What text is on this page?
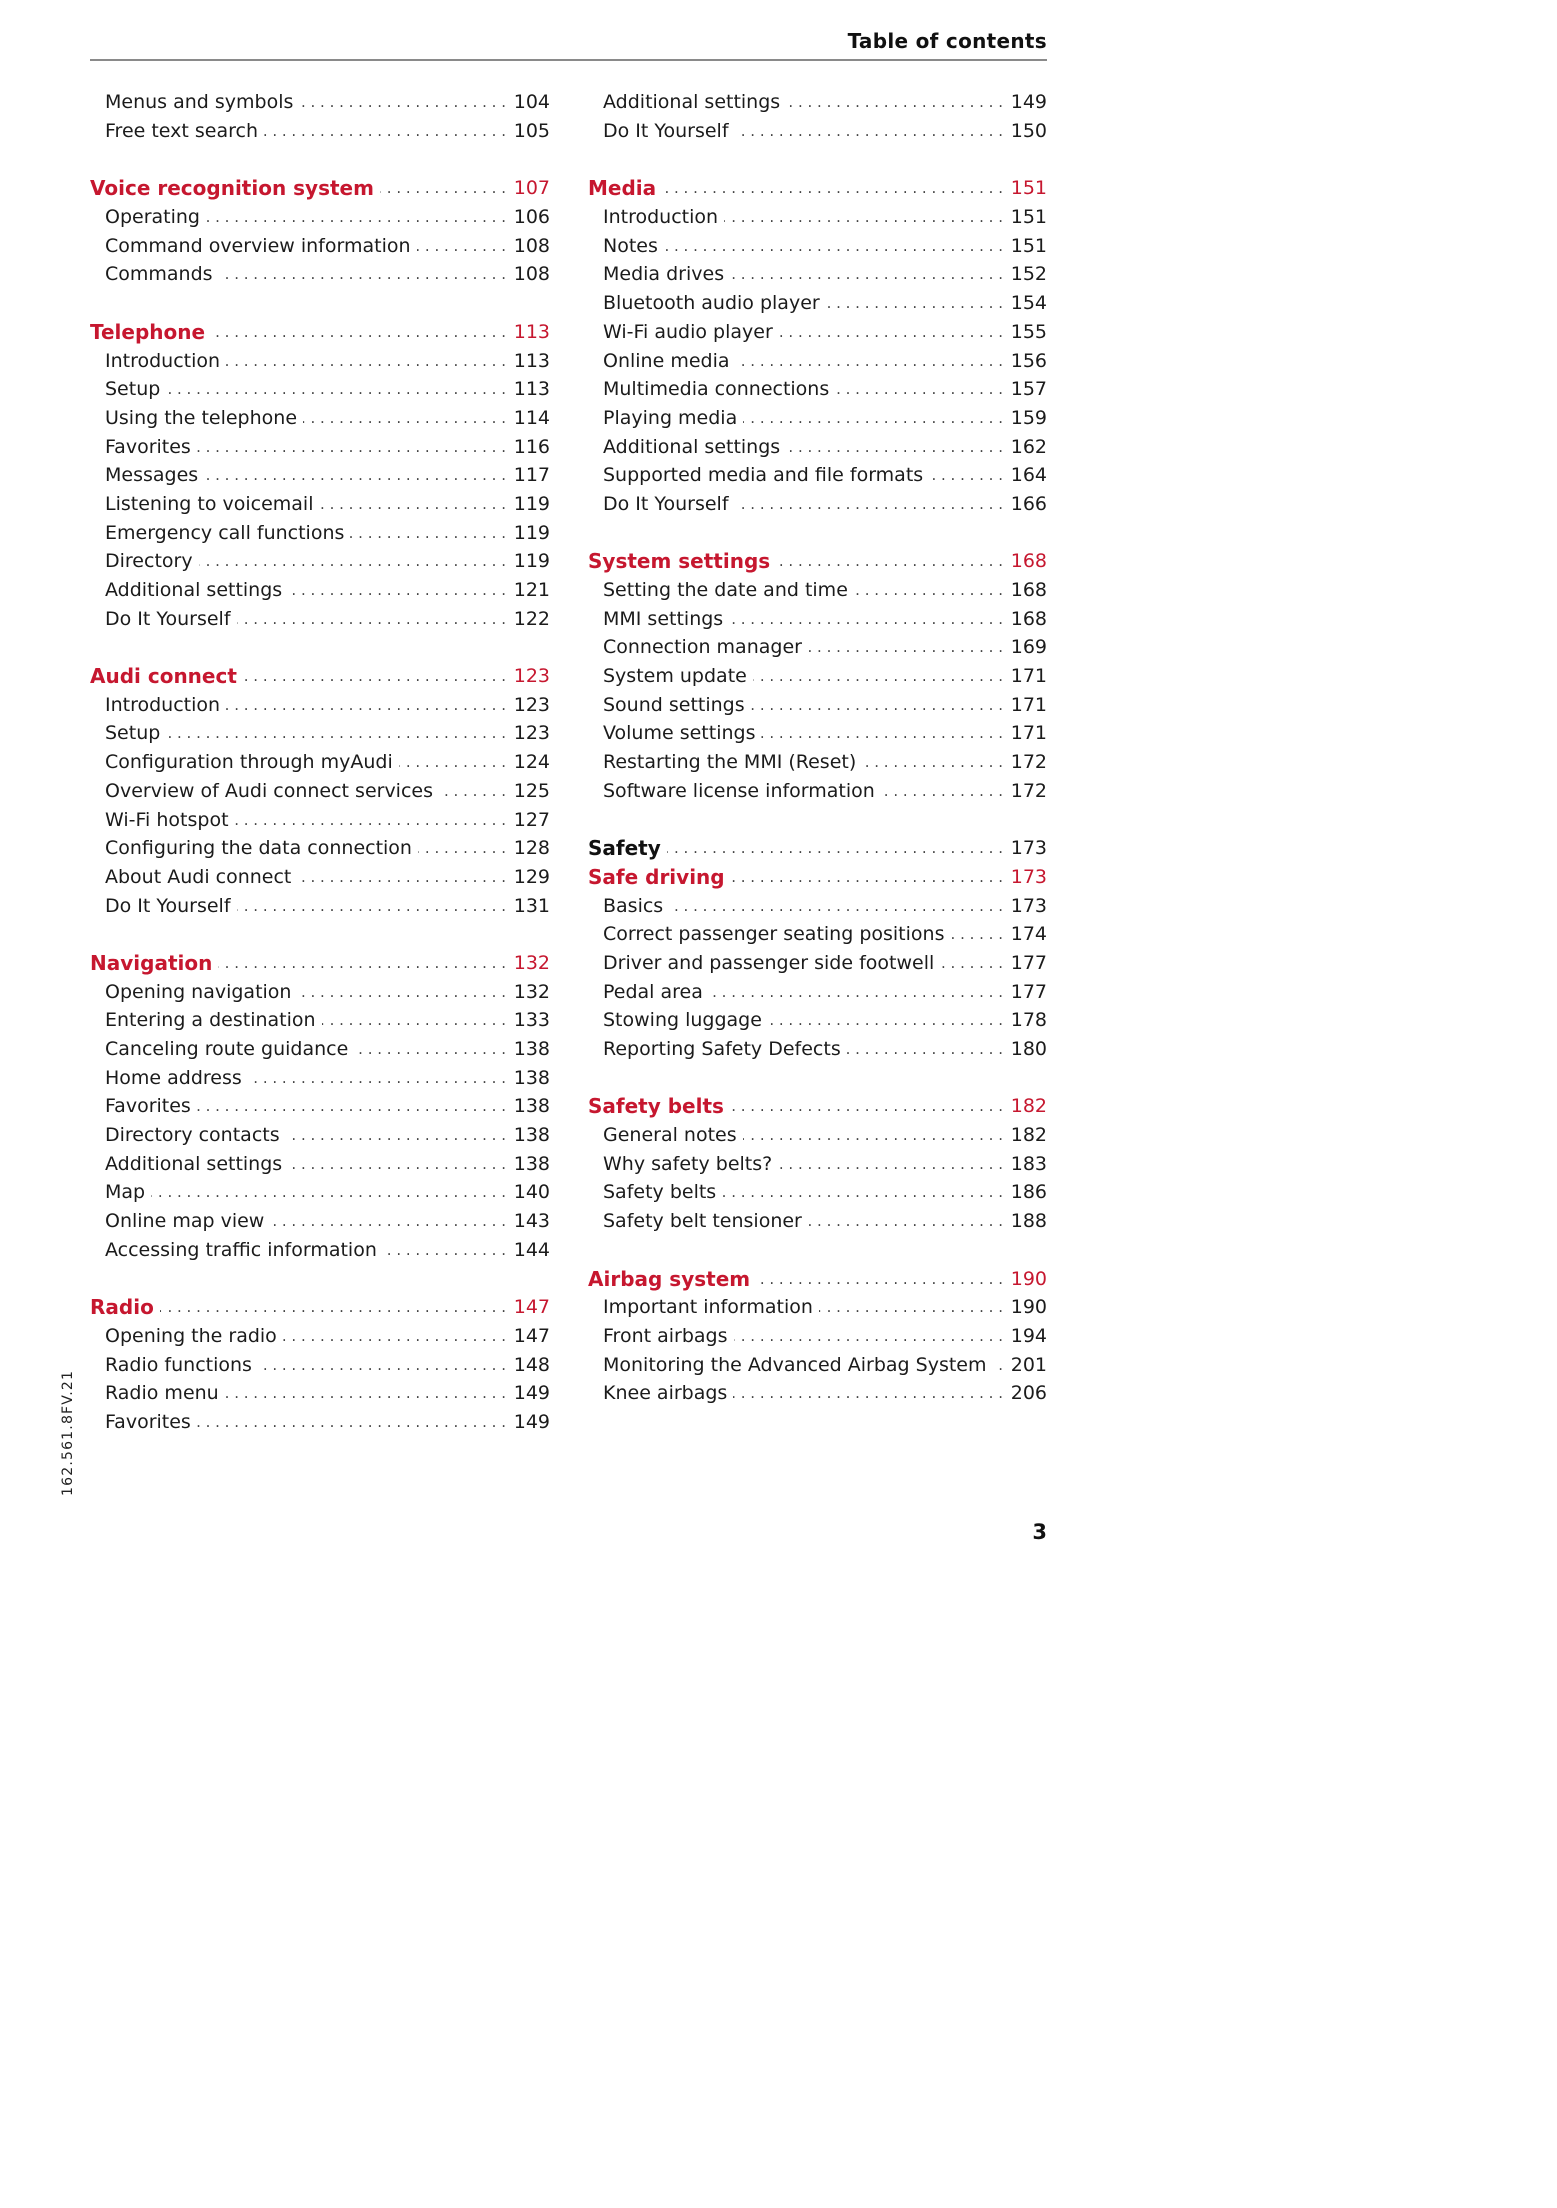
Table of contents
Menus and symbols . . .	104
Free text search . . .	105
Voice recognition system . . .	107
Operating . . .	106
Command overview information . . .	108
Commands . . .	108
Telephone . . .	113
Introduction . . .	113
Setup . . .	113
Using the telephone . . .	114
Favorites . . .	116
Messages . . .	117
Listening to voicemail . . .	119
Emergency call functions . . .	119
Directory . . .	119
Additional settings . . .	121
Do It Yourself . . .	122
Audi connect . . .	123
Introduction . . .	123
Setup . . .	123
Configuration through myAudi . . .	124
Overview of Audi connect services . . .	125
Wi-Fi hotspot . . .	127
Configuring the data connection . . .	128
About Audi connect . . .	129
Do It Yourself . . .	131
Navigation . . .	132
Opening navigation . . .	132
Entering a destination . . .	133
Canceling route guidance . . .	138
Home address . . .	138
Favorites . . .	138
Directory contacts . . .	138
Additional settings . . .	138
Map . . .	140
Online map view . . .	143
Accessing traffic information . . .	144
Radio . . .	147
Opening the radio . . .	147
Radio functions . . .	148
Radio menu . . .	149
Favorites . . .	149
Additional settings . . .	149
Do It Yourself . . .	150
Media . . .	151
Introduction . . .	151
Notes . . .	151
Media drives . . .	152
Bluetooth audio player . . .	154
Wi-Fi audio player . . .	155
Online media . . .	156
Multimedia connections . . .	157
Playing media . . .	159
Additional settings . . .	162
Supported media and file formats . . .	164
Do It Yourself . . .	166
System settings . . .	168
Setting the date and time . . .	168
MMI settings . . .	168
Connection manager . . .	169
System update . . .	171
Sound settings . . .	171
Volume settings . . .	171
Restarting the MMI (Reset) . . .	172
Software license information . . .	172
Safety . . .	173
Safe driving . . .	173
Basics . . .	173
Correct passenger seating positions . . .	174
Driver and passenger side footwell . . .	177
Pedal area . . .	177
Stowing luggage . . .	178
Reporting Safety Defects . . .	180
Safety belts . . .	182
General notes . . .	182
Why safety belts? . . .	183
Safety belts . . .	186
Safety belt tensioner . . .	188
Airbag system . . .	190
Important information . . .	190
Front airbags . . .	194
Monitoring the Advanced Airbag System . . .	201
Knee airbags . . .	206
162.561.8FV.21
3
